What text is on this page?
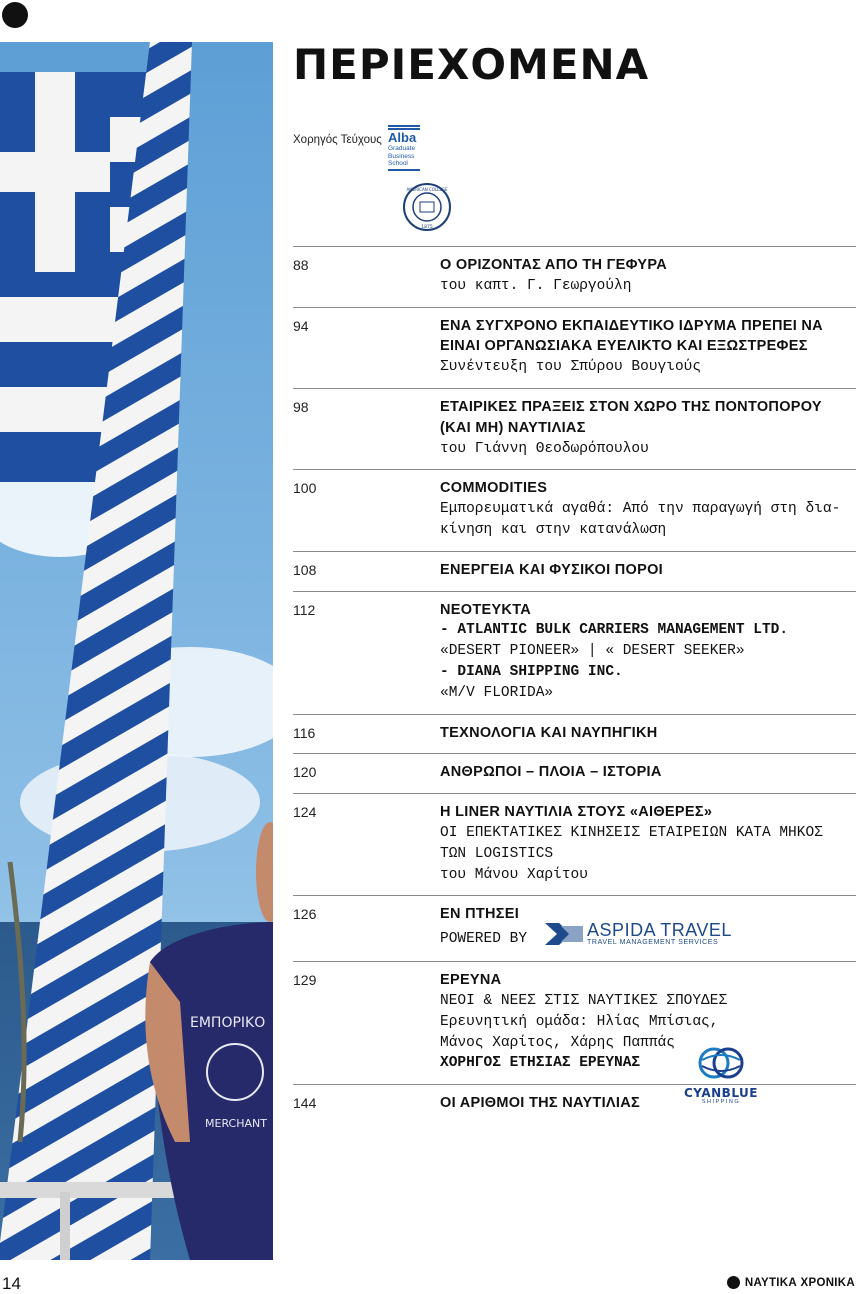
ΕΜΠΟΡΙΚΟ
MERCHANT
ΠΕΡΙΕΧΟΜΕΝΑ
Χορηγός Τεύχους Alba
Graduate
Business
School
AMERICAN COLLEGE
1875
88	Ο ΟΡΙΖΟΝΤΑΣ ΑΠΟ ΤΗ ΓΕΦΥΡΑ
του καπτ. Γ. Γεωργούλη
94	ΕΝΑ ΣΥΓΧΡΟΝΟ ΕΚΠΑΙΔΕΥΤΙΚΟ ΙΔΡΥΜΑ ΠΡΕΠΕΙ ΝΑ
ΕΙΝΑΙ ΟΡΓΑΝΩΣΙΑΚΑ ΕΥΕΛΙΚΤΟ ΚΑΙ ΕΞΩΣΤΡΕΦΕΣ
Συνέντευξη του Σπύρου Βουγιούς
98	ΕΤΑΙΡΙΚΕΣ ΠΡΑΞΕΙΣ ΣΤΟΝ ΧΩΡΟ ΤΗΣ ΠΟΝΤΟΠΟΡΟΥ
(ΚΑΙ ΜΗ) ΝΑΥΤΙΛΙΑΣ
του Γιάννη Θεοδωρόπουλου
100	COMMODITIES
Εμπορευματικά αγαθά: Από την παραγωγή στη δια-
κίνηση και στην κατανάλωση
108	ΕΝΕΡΓΕΙΑ ΚΑΙ ΦΥΣΙΚΟΙ ΠΟΡΟΙ
112	ΝΕΟΤΕΥΚΤΑ
- ATLANTIC BULK CARRIERS MANAGEMENT LTD.
«DESERT PIONEER» | « DESERT SEEKER»
- DIANA SHIPPING INC.
«M/V FLORIDA»
116	ΤΕΧΝΟΛΟΓΙΑ ΚΑΙ ΝΑΥΠΗΓΙΚΗ
120	ΑΝΘΡΩΠΟΙ – ΠΛΟΙΑ – ΙΣΤΟΡΙΑ
124	Η LINER ΝΑΥΤΙΛΙΑ ΣΤΟΥΣ «ΑΙΘΕΡΕΣ»
ΟΙ ΕΠΕΚΤΑΤΙΚΕΣ ΚΙΝΗΣΕΙΣ ΕΤΑΙΡΕΙΩΝ ΚΑΤΑ ΜΗΚΟΣ
ΤΩΝ LOGISTICS
του Μάνου Χαρίτου
126	ΕΝ ΠΤΗΣΕΙ
POWERED BY	ASPIDA TRAVEL
TRAVEL MANAGEMENT SERVICES
129	ΕΡΕΥΝΑ
ΝΕΟΙ & ΝΕΕΣ ΣΤΙΣ ΝΑΥΤΙΚΕΣ ΣΠΟΥΔΕΣ
Ερευνητική ομάδα: Ηλίας Μπίσιας,
Μάνος Χαρίτος, Χάρης Παππάς
ΧΟΡΗΓΟΣ ΕΤΗΣΙΑΣ ΕΡΕΥΝΑΣ
CYANBLUE
SHIPPING
144	ΟΙ ΑΡΙΘΜΟΙ ΤΗΣ ΝΑΥΤΙΛΙΑΣ
14	ΝΑΥΤΙΚΑ ΧΡΟΝΙΚΑ
